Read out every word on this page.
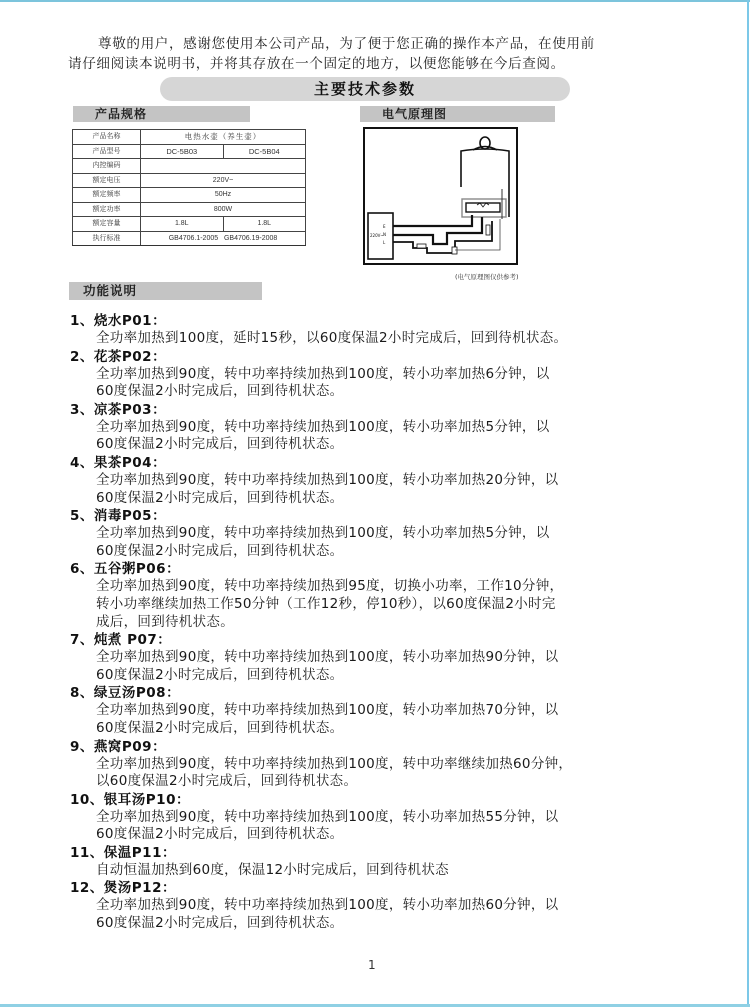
尊敬的用户，感谢您使用本公司产品，为了便于您正确的操作本产品，在使用前
请仔细阅读本说明书，并将其存放在一个固定的地方，以便您能够在今后查阅。
主要技术参数
产品规格	电气原理图
产品名称	电热水壶（养生壶）	
产品型号	DC-5B03	DC-5B04
内控编码		
额定电压	220V~	
额定频率	50Hz	
额定功率	800W	
额定容量	1.8L	1.8L
执行标准	GB4706.1-2005   GB4706.19-2008	
E
N
L
220V~
(电气原理图仅供参考)
功能说明
1、烧水P01：
全功率加热到100度，延时15秒，以60度保温2小时完成后，回到待机状态。
2、花茶P02：
全功率加热到90度，转中功率持续加热到100度，转小功率加热6分钟，以
60度保温2小时完成后，回到待机状态。
3、凉茶P03：
全功率加热到90度，转中功率持续加热到100度，转小功率加热5分钟，以
60度保温2小时完成后，回到待机状态。
4、果茶P04：
全功率加热到90度，转中功率持续加热到100度，转小功率加热20分钟，以
60度保温2小时完成后，回到待机状态。
5、消毒P05：
全功率加热到90度，转中功率持续加热到100度，转小功率加热5分钟，以
60度保温2小时完成后，回到待机状态。
6、五谷粥P06：
全功率加热到90度，转中功率持续加热到95度，切换小功率，工作10分钟，
转小功率继续加热工作50分钟（工作12秒，停10秒），以60度保温2小时完
成后，回到待机状态。
7、炖煮 P07：
全功率加热到90度，转中功率持续加热到100度，转小功率加热90分钟，以
60度保温2小时完成后，回到待机状态。
8、绿豆汤P08：
全功率加热到90度，转中功率持续加热到100度，转小功率加热70分钟，以
60度保温2小时完成后，回到待机状态。
9、燕窝P09：
全功率加热到90度，转中功率持续加热到100度，转中功率继续加热60分钟，
以60度保温2小时完成后，回到待机状态。
10、银耳汤P10：
全功率加热到90度，转中功率持续加热到100度，转小功率加热55分钟，以
60度保温2小时完成后，回到待机状态。
11、保温P11：
自动恒温加热到60度，保温12小时完成后，回到待机状态
12、煲汤P12：
全功率加热到90度，转中功率持续加热到100度，转小功率加热60分钟，以
60度保温2小时完成后，回到待机状态。
1
